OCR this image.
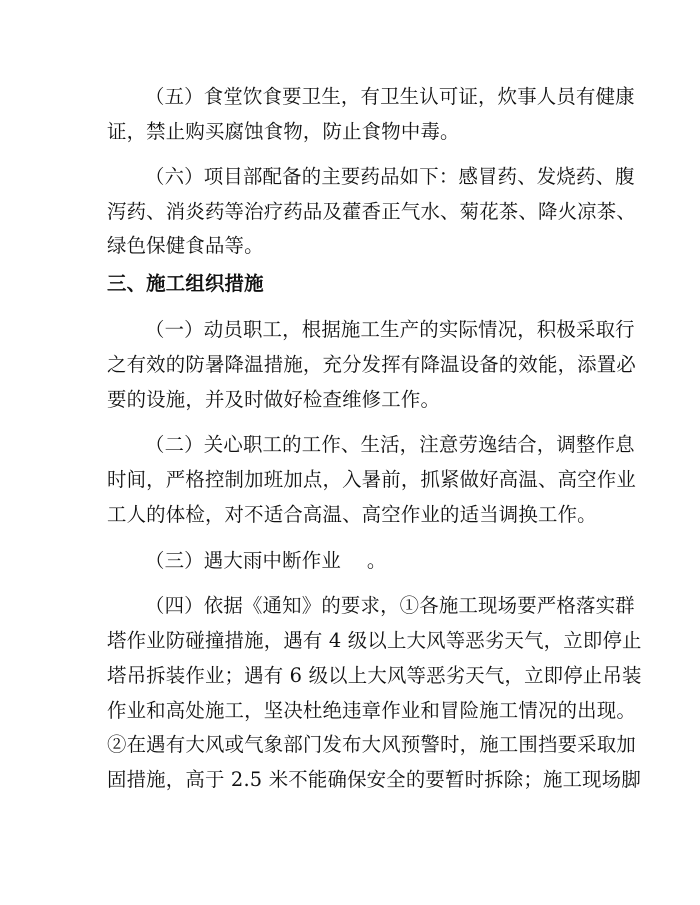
（五）食堂饮食要卫生，有卫生认可证，炊事人员有健康
证，禁止购买腐蚀食物，防止食物中毒。
（六）项目部配备的主要药品如下：感冒药、发烧药、腹
泻药、消炎药等治疗药品及藿香正气水、菊花茶、降火凉茶、
绿色保健食品等。
三、施工组织措施
（一）动员职工，根据施工生产的实际情况，积极采取行
之有效的防暑降温措施，充分发挥有降温设备的效能，添置必
要的设施，并及时做好检查维修工作。
（二）关心职工的工作、生活，注意劳逸结合，调整作息
时间，严格控制加班加点，入暑前，抓紧做好高温、高空作业
工人的体检，对不适合高温、高空作业的适当调换工作。
（三）遇大雨中断作业　 。
（四）依据《通知》的要求，①各施工现场要严格落实群
塔作业防碰撞措施，遇有 4 级以上大风等恶劣天气，立即停止
塔吊拆装作业；遇有 6 级以上大风等恶劣天气，立即停止吊装
作业和高处施工，坚决杜绝违章作业和冒险施工情况的出现。
②在遇有大风或气象部门发布大风预警时，施工围挡要采取加
固措施，高于 2.5 米不能确保安全的要暂时拆除；施工现场脚
